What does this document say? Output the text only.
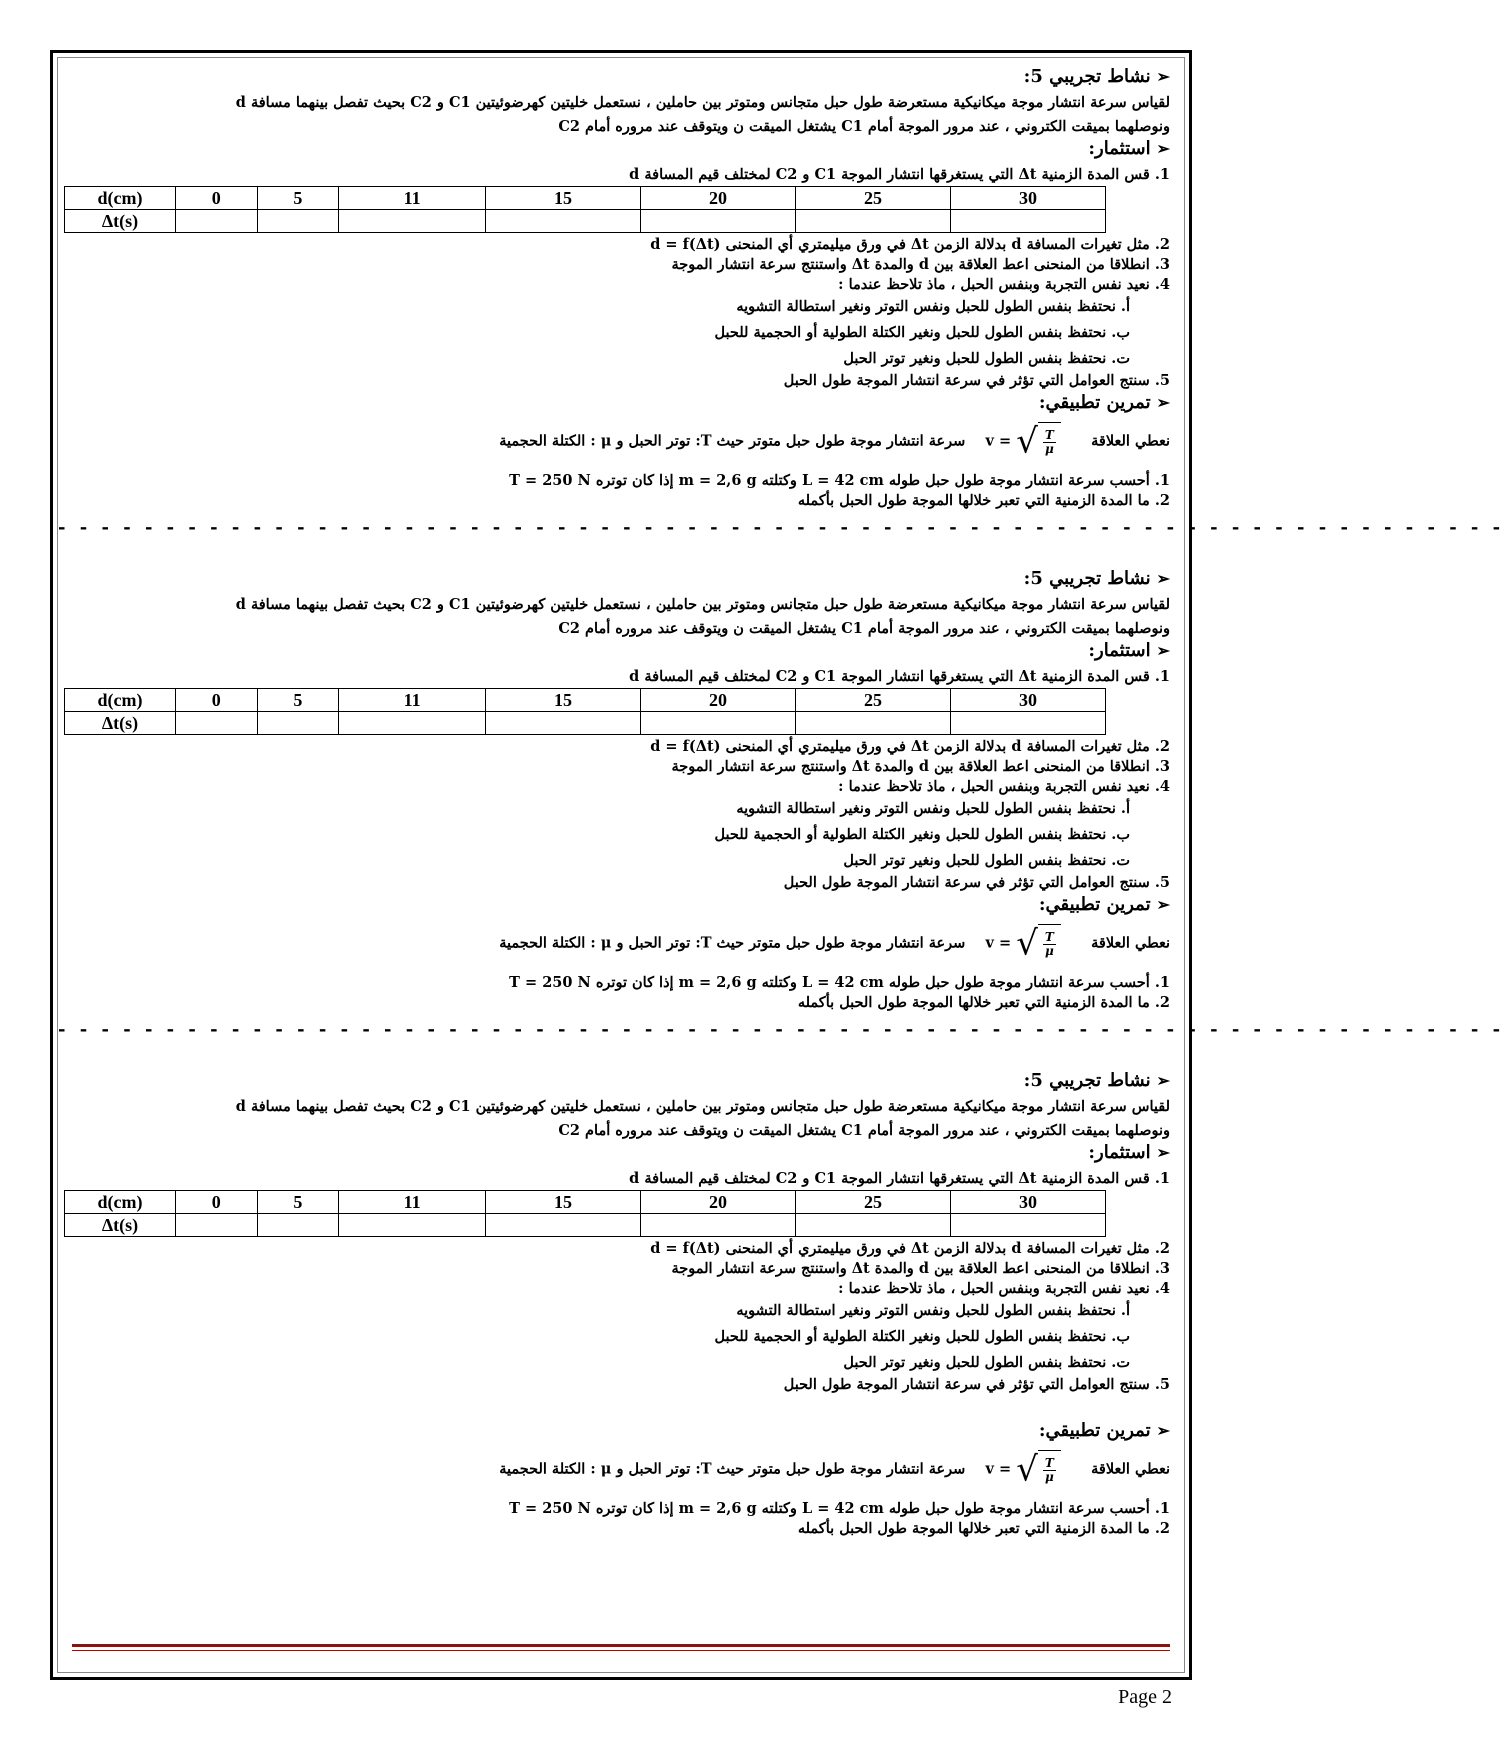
➢نشاط تجريبي 5:
لقياس سرعة انتشار موجة ميكانيكية مستعرضة طول حبل متجانس ومتوتر بين حاملين ، نستعمل خليتين كهرضوئيتين C1 و C2 بحيث تفصل بينهما مسافة d
ونوصلهما بميقت الكتروني ، عند مرور الموجة أمام C1 يشتغل الميقت ن ويتوقف عند مروره أمام C2
➢استثمار:
1. قس المدة الزمنية Δt التي يستغرقها انتشار الموجة C1 و C2 لمختلف قيم المسافة d
d(cm)	0	5	11	15	20	25	30
Δt(s)							
2. مثل تغيرات المسافة d بدلالة الزمن Δt في ورق ميليمتري أي المنحنى d = f(Δt)
3. انطلاقا من المنحنى اعط العلاقة بين d والمدة Δt واستنتج سرعة انتشار الموجة
4. نعيد نفس التجربة وبنفس الحبل ، ماذ تلاحظ عندما :
أ. نحتفظ بنفس الطول للحبل ونفس التوتر ونغير استطالة التشويه
ب. نحتفظ بنفس الطول للحبل ونغير الكتلة الطولية أو الحجمية للحبل
ت. نحتفظ بنفس الطول للحبل ونغير توتر الحبل
5. سنتج العوامل التي تؤثر في سرعة انتشار الموجة طول الحبل
➢تمرين تطبيقي:
نعطي العلاقة      v = √ $\frac{T}{\mu}$
سرعة انتشار موجة طول حبل متوتر حيث T: توتر الحبل و μ : الكتلة الحجمية
1. أحسب سرعة انتشار موجة طول حبل طوله L = 42 cm وكتلته m = 2,6 g إذا كان توتره T = 250 N
2. ما المدة الزمنية التي تعبر خلالها الموجة طول الحبل بأكمله
- - - - - - - - - - - - - - - - - - - - - - - - - - - - - - - - - - - - - - - - - - - - - - - - - - - - - - - - - - - - - - - - - - -
➢نشاط تجريبي 5:
لقياس سرعة انتشار موجة ميكانيكية مستعرضة طول حبل متجانس ومتوتر بين حاملين ، نستعمل خليتين كهرضوئيتين C1 و C2 بحيث تفصل بينهما مسافة d
ونوصلهما بميقت الكتروني ، عند مرور الموجة أمام C1 يشتغل الميقت ن ويتوقف عند مروره أمام C2
➢استثمار:
1. قس المدة الزمنية Δt التي يستغرقها انتشار الموجة C1 و C2 لمختلف قيم المسافة d
d(cm)	0	5	11	15	20	25	30
Δt(s)							
2. مثل تغيرات المسافة d بدلالة الزمن Δt في ورق ميليمتري أي المنحنى d = f(Δt)
3. انطلاقا من المنحنى اعط العلاقة بين d والمدة Δt واستنتج سرعة انتشار الموجة
4. نعيد نفس التجربة وبنفس الحبل ، ماذ تلاحظ عندما :
أ. نحتفظ بنفس الطول للحبل ونفس التوتر ونغير استطالة التشويه
ب. نحتفظ بنفس الطول للحبل ونغير الكتلة الطولية أو الحجمية للحبل
ت. نحتفظ بنفس الطول للحبل ونغير توتر الحبل
5. سنتج العوامل التي تؤثر في سرعة انتشار الموجة طول الحبل
➢تمرين تطبيقي:
نعطي العلاقة      v = √ $\frac{T}{\mu}$
سرعة انتشار موجة طول حبل متوتر حيث T: توتر الحبل و μ : الكتلة الحجمية
1. أحسب سرعة انتشار موجة طول حبل طوله L = 42 cm وكتلته m = 2,6 g إذا كان توتره T = 250 N
2. ما المدة الزمنية التي تعبر خلالها الموجة طول الحبل بأكمله
- - - - - - - - - - - - - - - - - - - - - - - - - - - - - - - - - - - - - - - - - - - - - - - - - - - - - - - - - - - - - - - - - - -
➢نشاط تجريبي 5:
لقياس سرعة انتشار موجة ميكانيكية مستعرضة طول حبل متجانس ومتوتر بين حاملين ، نستعمل خليتين كهرضوئيتين C1 و C2 بحيث تفصل بينهما مسافة d
ونوصلهما بميقت الكتروني ، عند مرور الموجة أمام C1 يشتغل الميقت ن ويتوقف عند مروره أمام C2
➢استثمار:
1. قس المدة الزمنية Δt التي يستغرقها انتشار الموجة C1 و C2 لمختلف قيم المسافة d
d(cm)	0	5	11	15	20	25	30
Δt(s)							
2. مثل تغيرات المسافة d بدلالة الزمن Δt في ورق ميليمتري أي المنحنى d = f(Δt)
3. انطلاقا من المنحنى اعط العلاقة بين d والمدة Δt واستنتج سرعة انتشار الموجة
4. نعيد نفس التجربة وبنفس الحبل ، ماذ تلاحظ عندما :
أ. نحتفظ بنفس الطول للحبل ونفس التوتر ونغير استطالة التشويه
ب. نحتفظ بنفس الطول للحبل ونغير الكتلة الطولية أو الحجمية للحبل
ت. نحتفظ بنفس الطول للحبل ونغير توتر الحبل
5. سنتج العوامل التي تؤثر في سرعة انتشار الموجة طول الحبل
➢تمرين تطبيقي:
نعطي العلاقة      v = √ $\frac{T}{\mu}$
سرعة انتشار موجة طول حبل متوتر حيث T: توتر الحبل و μ : الكتلة الحجمية
1. أحسب سرعة انتشار موجة طول حبل طوله L = 42 cm وكتلته m = 2,6 g إذا كان توتره T = 250 N
2. ما المدة الزمنية التي تعبر خلالها الموجة طول الحبل بأكمله
Page 2
